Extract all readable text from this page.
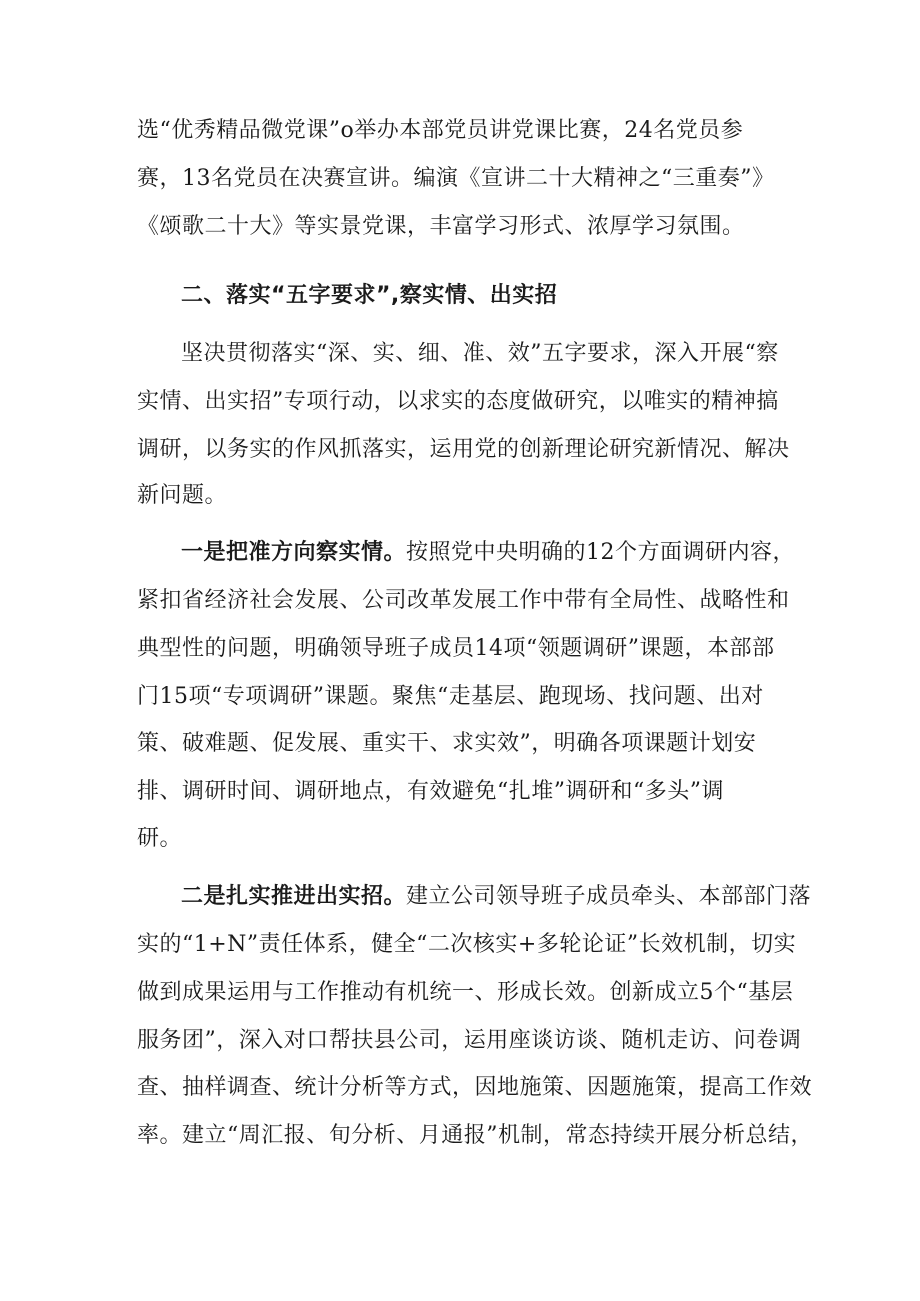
选“优秀精品微党课”o举办本部党员讲党课比赛，24名党员参
赛，13名党员在决赛宣讲。编演《宣讲二十大精神之“三重奏”》
《颂歌二十大》等实景党课，丰富学习形式、浓厚学习氛围。
二、落实“五字要求”,察实情、出实招
坚决贯彻落实“深、实、细、准、效”五字要求，深入开展“察
实情、出实招”专项行动，以求实的态度做研究，以唯实的精神搞
调研，以务实的作风抓落实，运用党的创新理论研究新情况、解决
新问题。
一是把准方向察实情。按照党中央明确的12个方面调研内容，
紧扣省经济社会发展、公司改革发展工作中带有全局性、战略性和
典型性的问题，明确领导班子成员14项“领题调研”课题，本部部
门15项“专项调研”课题。聚焦“走基层、跑现场、找问题、出对
策、破难题、促发展、重实干、求实效”，明确各项课题计划安
排、调研时间、调研地点，有效避免“扎堆”调研和“多头”调
研。
二是扎实推进出实招。建立公司领导班子成员牵头、本部部门落
实的“1+N”责任体系，健全“二次核实+多轮论证”长效机制，切实
做到成果运用与工作推动有机统一、形成长效。创新成立5个“基层
服务团”，深入对口帮扶县公司，运用座谈访谈、随机走访、问卷调
查、抽样调查、统计分析等方式，因地施策、因题施策，提高工作效
率。建立“周汇报、旬分析、月通报”机制，常态持续开展分析总结，
